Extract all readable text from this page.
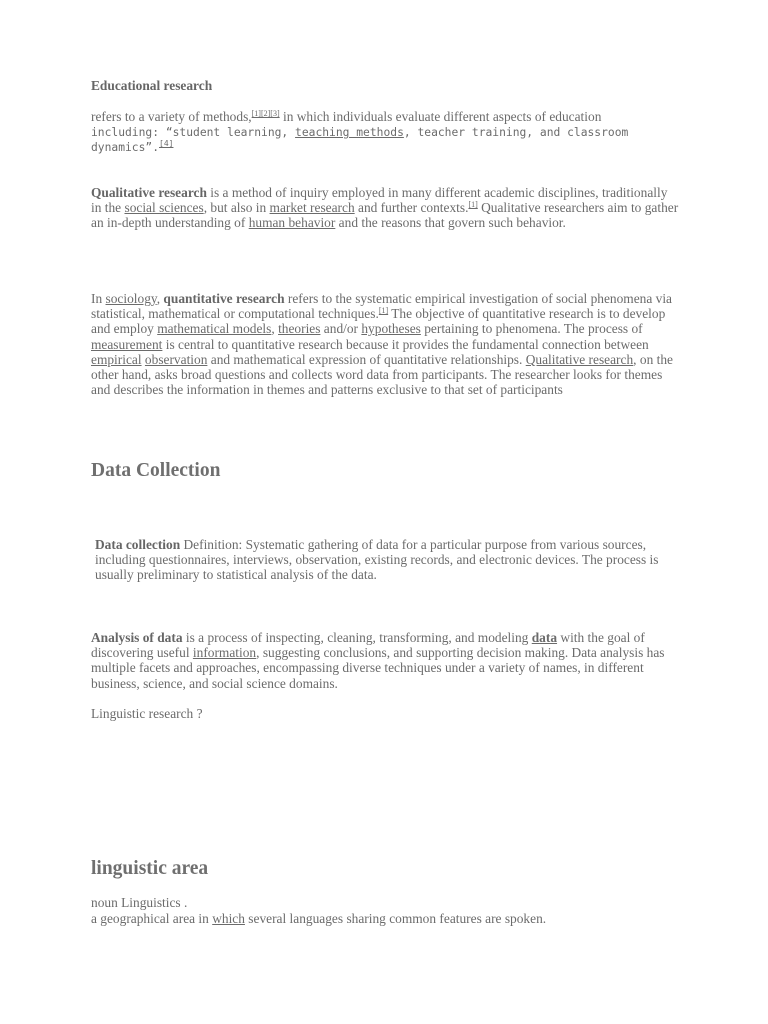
Educational research
refers to a variety of methods,[1][2][3] in which individuals evaluate different aspects of education
including: “student learning, teaching methods, teacher training, and classroom dynamics”.[4]
Qualitative research is a method of inquiry employed in many different academic disciplines, traditionally in the social sciences, but also in market research and further contexts.[1] Qualitative researchers aim to gather an in-depth understanding of human behavior and the reasons that govern such behavior.
In sociology, quantitative research refers to the systematic empirical investigation of social phenomena via statistical, mathematical or computational techniques.[1] The objective of quantitative research is to develop and employ mathematical models, theories and/or hypotheses pertaining to phenomena. The process of measurement is central to quantitative research because it provides the fundamental connection between empirical observation and mathematical expression of quantitative relationships. Qualitative research, on the other hand, asks broad questions and collects word data from participants. The researcher looks for themes and describes the information in themes and patterns exclusive to that set of participants
Data Collection
Data collection Definition: Systematic gathering of data for a particular purpose from various sources, including questionnaires, interviews, observation, existing records, and electronic devices. The process is usually preliminary to statistical analysis of the data.
Analysis of data is a process of inspecting, cleaning, transforming, and modeling data with the goal of discovering useful information, suggesting conclusions, and supporting decision making. Data analysis has multiple facets and approaches, encompassing diverse techniques under a variety of names, in different business, science, and social science domains.
Linguistic research ?
linguistic area
noun Linguistics .
a geographical area in which several languages sharing common features are spoken.
